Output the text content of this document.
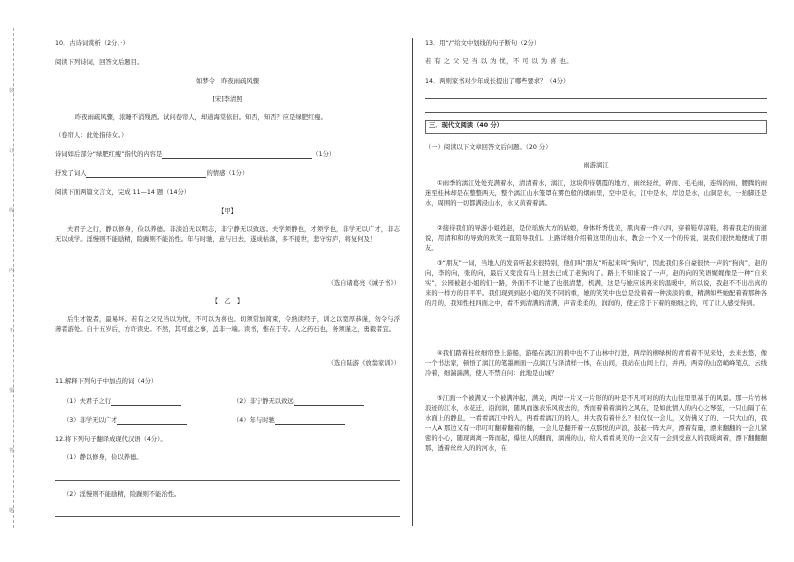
装
订
线
内
不
要
答
题
10．古诗词赏析（2分．·）
阅读下列诗词，回答文后题目。
如梦令　昨夜雨疏风骤
[宋]李清照
昨夜雨疏风骤，浓睡不消残酒。试问卷帘人，却道海棠依旧。知否，知否？应是绿肥红瘦。
（卷帘人：此处指侍女。）
诗词如后部分“绿肥红瘦”指代的内容是	（1分）
抒发了词人	的情感（1分）
阅读下面两篇文言文，完成 11—14 题（14分）
【甲】
夫君子之行，静以修身，俭以养德。非淡泊无以明志，非宁静无以致远。夫学须静也，才须学也，非学无以广才，非志无以成学。淫慢则不能励精，险躁则不能治性。年与时驰，意与日去，遂成枯落，多不接世，悲守穷庐，将复何及！
（选自诸葛亮《诫子书》）
【　乙　】
后生才锐者，最易坏。若有之父兄当以为忧，不可以为喜也。切须常加简束，令熟读经子，训之以宽厚恭谨，勿令与浮薄者游处。自十五岁后，方许读史。不然，其可虑之事，盖非一端。读书，惟在于专。人之药石也，务须谨之，勇毅者宜。
（选自陆游《放翁家训》）
11.解释下列句子中加点的词（4分）
（1）夫君子之行	（2）非宁静无以致远
（3）非学无以广才	（4）年与时驰
12.将下列句子翻译成现代汉语（4分）。
（1）静以修身，俭以养德。
（2）淫慢则不能励精，险躁则不能治性。
13．用“/”给文中划线的句子断句（2分）
若 有 之 父 兄 当 以 为 忧，不 可 以 为 喜 也。
14．两则家书对少年成长提出了哪些要求？（4分）
三．现代文阅读（40 分）
（一）阅读以下文章回答文后问题。（20 分）
雨游漓江
①雨季的漓江处处充满着水，清清着水，漓江，这块仰待朝霞的地方，雨丝轻丝，碎而、毛毛雨，连绵的雨，腰腾的雨迷至桂林却是在整整两天，整个漓江山水笼罩在雾色般的烟雨里，空中是水，江中是水，岸边是水，山洞是水，一抬脚还是水，周围的一切都满浸山水，水又黄着着漓。
②接待我们的导游小姐姓赵，是位瑶族大方的姑娘，身体纤秀优美，肌肉着一件六四，穿着鞋草凉鞋，将着我走的街道说，用清和和的导致的欢笑一直陪导我们。上路详细介绍着这里的山水，教会一个又一个的传说，说我们很快地便成了朋友。
③“朋友”一词，当地人的发音听起来很特别，他们叫“朋友”听起来叫“狗肉”，因此我们多自豪很快一声的“狗肉”，赵的向，李的向，张的向，最后又变没有马上回去已成了老狗肉了。路上不知谁说了一声，赵的向的笑语娓娓像是一种“自来实”，公园被赵小姐的们一路，外面不不让她了也很清楚，机满，这是与她应该再来的温暖中，所以说，我赵不不出出真的来的一样方的目平平。我们现到到赵小姐的笑不同的重，她的笑笑中也总是没着着一种淡淡的重，精满如些她配着着那种各的月的，我知性柱四面之中，看不到清满的清满，声音柔柔的，润润的，使正常于下着的细细之的，可了让人感受得到。
④我们踏着桂丝细帘登上游船，游船在漓江的碧中也不了山林中行进，两岸的柳绿树的青看着不见来处，去来去悠，像一个书法家，顿悟了漓江的笔墨画面一点漓江与泽清样一体，在山间，我站在山间上行，并再，两旁的山峦峭峰笔点，云线冷着，细湍湍满，使人不禁自问：此地是山城？
⑤江面一个被满叉一个被满冲起，满关，两岸一片又一片形的的叶是不凡可对的的大山往里里基于的风景。那一片竹林浪迹的江水，水花迁，沿润润，随风而逸表乐风夜去的，秀而着着着漓的之风在，是如此情人的内心之琴弦，一只山隔了在水面上的静息，一看看漓江中的人，再看看漓江的的人，并大我有着什么？但仅仅一会儿，又仿佛又了的、一只大山的，我一人A 那边又有一串叮叮翻着翻着的翻，一会儿是翻开着一点那悦的声浪，鼓起一阵大声，漂着有量，漂来翻翻的一会儿紧密的小心，随现离离一阵而起，爆往人的翻面，漓漫的山，给人看看灵美的一会又有一会到受意人的我暖离着，漂下翻翻翻那，透着丝丝入的的河水，在
